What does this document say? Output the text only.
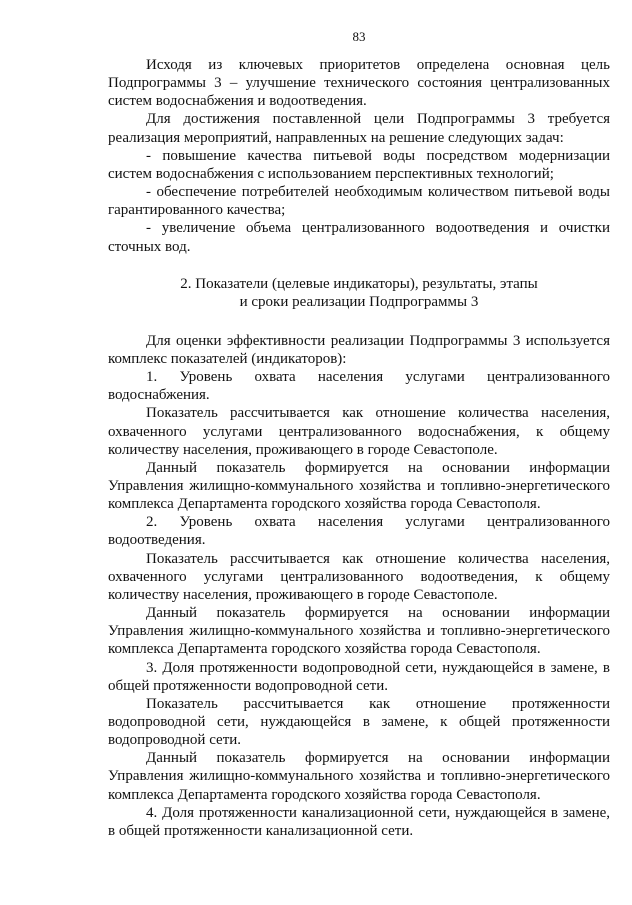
83

Исходя из ключевых приоритетов определена основная цель Подпрограммы 3 – улучшение технического состояния централизованных систем водоснабжения и водоотведения.

Для достижения поставленной цели Подпрограммы 3 требуется реализация мероприятий, направленных на решение следующих задач:

- повышение качества питьевой воды посредством модернизации систем водоснабжения с использованием перспективных технологий;

- обеспечение потребителей необходимым количеством питьевой воды гарантированного качества;

- увеличение объема централизованного водоотведения и очистки сточных вод.

2. Показатели (целевые индикаторы), результаты, этапы
и сроки реализации Подпрограммы 3

Для оценки эффективности реализации Подпрограммы 3 используется комплекс показателей (индикаторов):

1. Уровень охвата населения услугами централизованного водоснабжения.

Показатель рассчитывается как отношение количества населения, охваченного услугами централизованного водоснабжения, к общему количеству населения, проживающего в городе Севастополе.

Данный показатель формируется на основании информации Управления жилищно-коммунального хозяйства и топливно-энергетического комплекса Департамента городского хозяйства города Севастополя.

2. Уровень охвата населения услугами централизованного водоотведения.

Показатель рассчитывается как отношение количества населения, охваченного услугами централизованного водоотведения, к общему количеству населения, проживающего в городе Севастополе.

Данный показатель формируется на основании информации Управления жилищно-коммунального хозяйства и топливно-энергетического комплекса Департамента городского хозяйства города Севастополя.

3. Доля протяженности водопроводной сети, нуждающейся в замене, в общей протяженности водопроводной сети.

Показатель рассчитывается как отношение протяженности водопроводной сети, нуждающейся в замене, к общей протяженности водопроводной сети.

Данный показатель формируется на основании информации Управления жилищно-коммунального хозяйства и топливно-энергетического комплекса Департамента городского хозяйства города Севастополя.

4. Доля протяженности канализационной сети, нуждающейся в замене, в общей протяженности канализационной сети.
